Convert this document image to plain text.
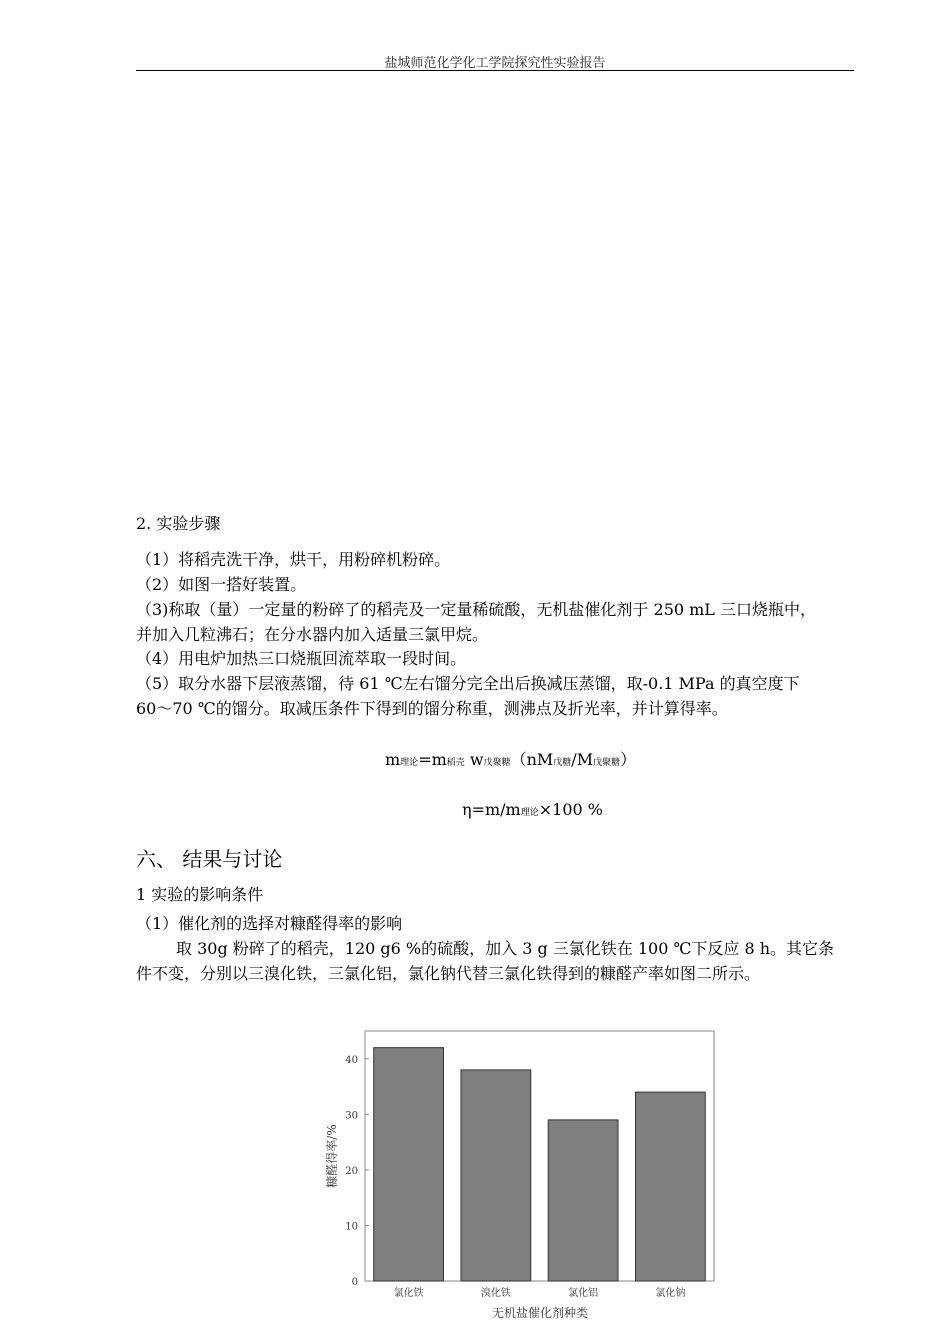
盐城师范化学化工学院探究性实验报告
2. 实验步骤
（1）将稻壳洗干净，烘干，用粉碎机粉碎。
（2）如图一搭好装置。
（3)称取（量）一定量的粉碎了的稻壳及一定量稀硫酸，无机盐催化剂于 250 mL 三口烧瓶中，
并加入几粒沸石；在分水器内加入适量三氯甲烷。
（4）用电炉加热三口烧瓶回流萃取一段时间。
（5）取分水器下层液蒸馏，待 61 ℃左右馏分完全出后换减压蒸馏，取-0.1 MPa 的真空度下
60～70 ℃的馏分。取减压条件下得到的馏分称重，测沸点及折光率，并计算得率。
m理论=m稻壳 w戊聚糖（nM戊糖/M戊聚糖）
η=m/m理论×100 %
六、 结果与讨论
1 实验的影响条件
（1）催化剂的选择对糠醛得率的影响
取 30g 粉碎了的稻壳，120 g6 %的硫酸，加入 3 g 三氯化铁在 100 ℃下反应 8 h。其它条
件不变，分别以三溴化铁，三氯化铝，氯化钠代替三氯化铁得到的糠醛产率如图二所示。
0
10
20
30
40
氯化铁	溴化铁	氯化铝	氯化钠
糠醛得率/%
无机盐催化剂种类
